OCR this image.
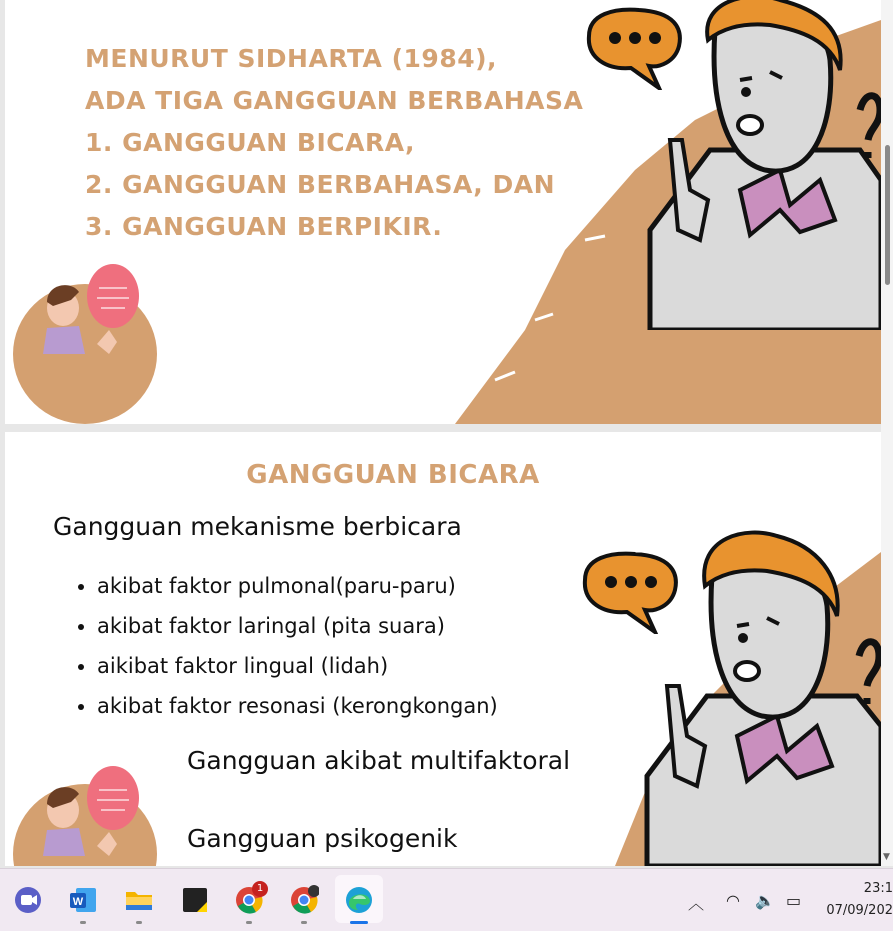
MENURUT SIDHARTA (1984),
ADA TIGA GANGGUAN BERBAHASA
1. GANGGUAN BICARA,
2. GANGGUAN BERBAHASA, DAN
3. GANGGUAN BERPIKIR.
GANGGUAN BICARA
Gangguan mekanisme berbicara
• akibat faktor pulmonal(paru-paru)
• akibat faktor laringal (pita suara)
• aikibat faktor lingual (lidah)
• akibat faktor resonasi (kerongkongan)
Gangguan akibat multifaktoral
Gangguan psikogenik
▼
W
1
︿ ◠ 🔈 ▭
23:1
07/09/202
